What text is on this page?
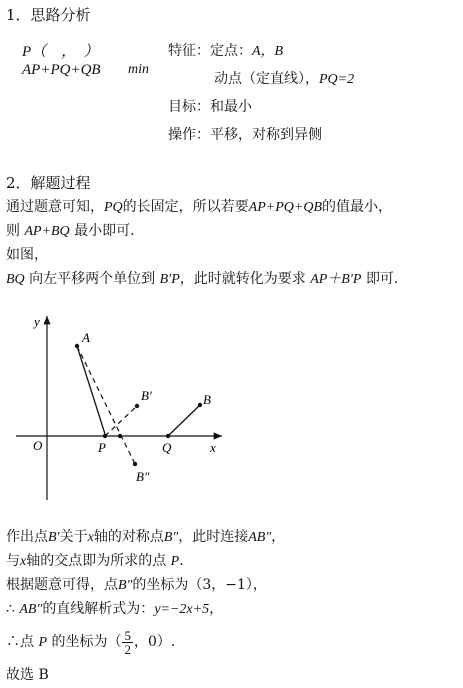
1．思路分析
P（　，　）
AP+PQ+QB min
特征：定点：A，B
动点（定直线），PQ=2
目标：和最小
操作：平移，对称到异侧
2．解题过程
通过题意可知，PQ的长固定，所以若要AP+PQ+QB的值最小，
则 AP+BQ 最小即可.
如图，
BQ 向左平移两个单位到 B′P，此时就转化为要求 AP＋B′P 即可.
y
x
O
A
B
B′
B″
P	Q
作出点B′关于x轴的对称点B″，此时连接AB″，
与x轴的交点即为所求的点 P.
根据题意可得，点B″的坐标为（3，−1），
∴ AB″的直线解析式为：y=−2x+5，
∴点 P 的坐标为（ $\frac{5}{2}$ ，0）.
故选 B
